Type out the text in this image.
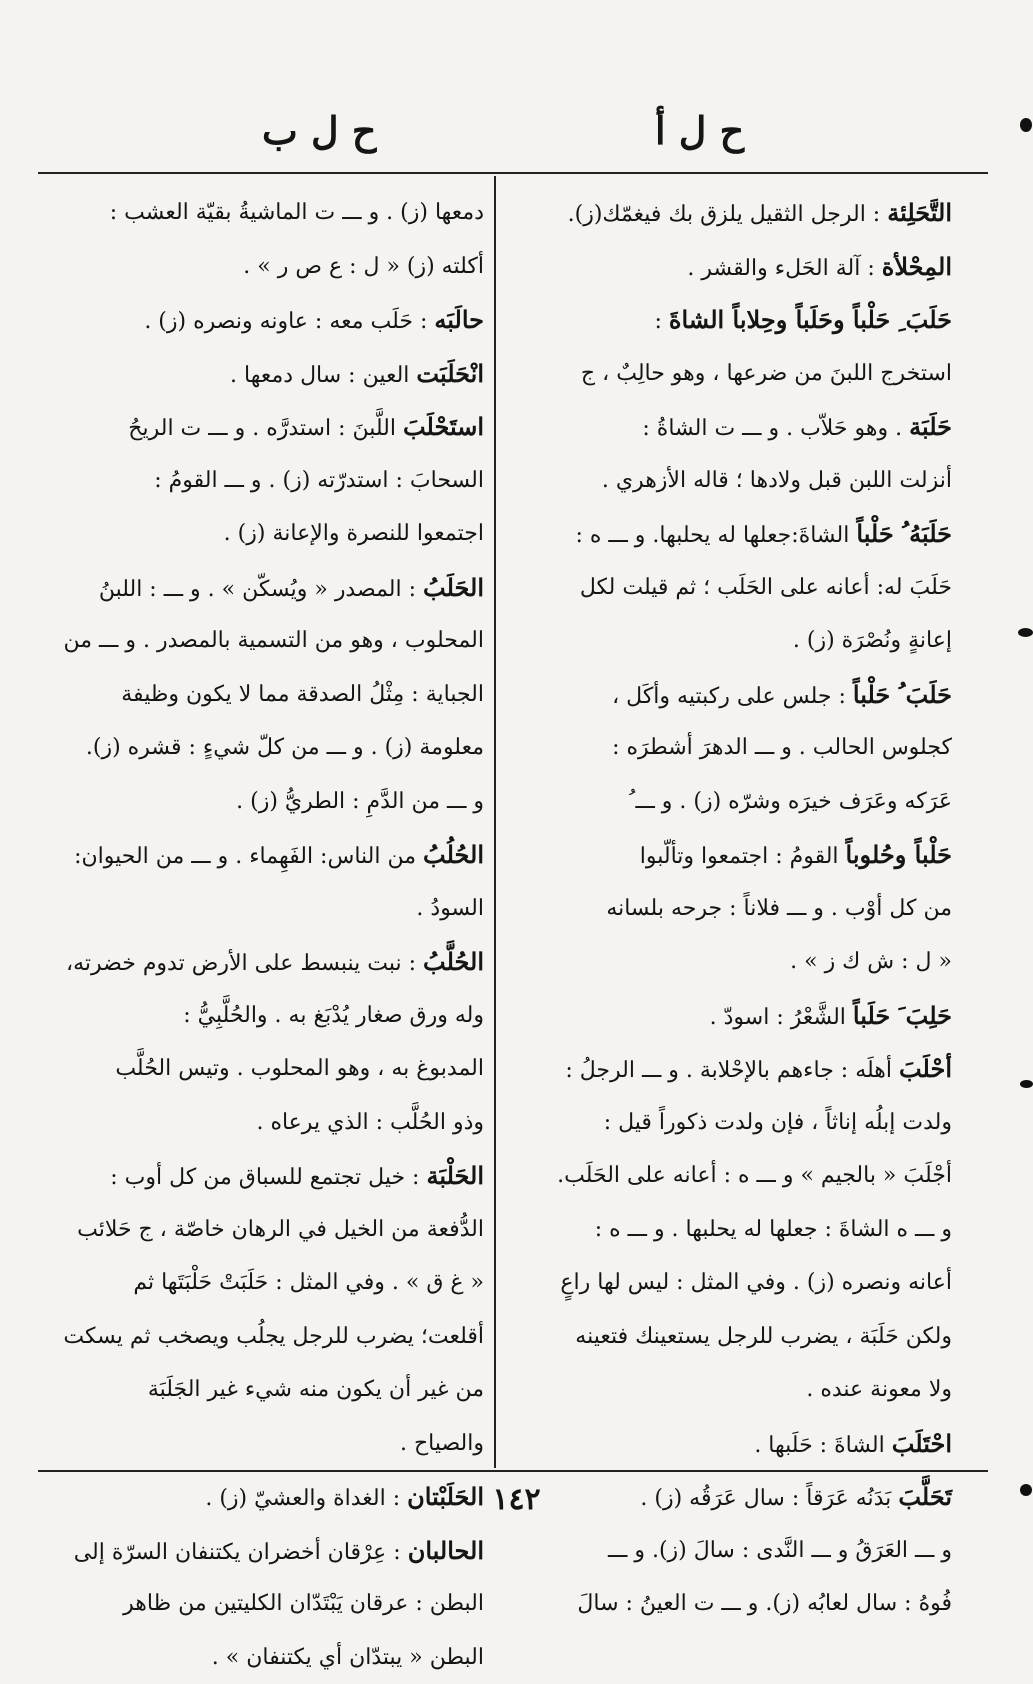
ح ل أ
ح ل ب
التَّحَلِئة : الرجل الثقيل يلزق بك فيغمّك(ز).
المِحْلأة : آلة الحَلء والقشر .
حَلَبَ ِ حَلْباً وحَلَباً وحِلاباً الشاةَ :
استخرج اللبنَ من ضرعها ، وهو حالِبٌ ، ج
حَلَبَة . وهو حَلاّب . و ـــ ت الشاةُ :
أنزلت اللبن قبل ولادها ؛ قاله الأزهري .
حَلَبَهُ ُ حَلْباً الشاةَ:جعلها له يحلبها. و ـــ ه :
حَلَبَ له: أعانه على الحَلَب ؛ ثم قيلت لكل
إعانةٍ ونُصْرَة (ز) .
حَلَبَ ُ حَلْباً : جلس على ركبتيه وأكَل ،
كجلوس الحالب . و ـــ الدهرَ أشطرَه :
عَرَكه وعَرَف خيرَه وشرّه (ز) . و ـــ ُ
حَلْباً وحُلوباً القومُ : اجتمعوا وتألّبوا
من كل أوْب . و ـــ فلاناً : جرحه بلسانه
« ل : ش ك ز » .
حَلِبَ َ حَلَباً الشَّعْرُ : اسودّ .
أحْلَبَ أهلَه : جاءهم بالإحْلابة . و ـــ الرجلُ :
ولدت إبلُه إناثاً ، فإن ولدت ذكوراً قيل :
أجْلَبَ « بالجيم » و ـــ ه : أعانه على الحَلَب.
و ـــ ه الشاةَ : جعلها له يحلبها . و ـــ ه :
أعانه ونصره (ز) . وفي المثل : ليس لها راعٍ
ولكن حَلَبَة ، يضرب للرجل يستعينك فتعينه
ولا معونة عنده .
احْتَلَبَ الشاةَ : حَلَبها .
تَحَلَّبَ بَدَنُه عَرَقاً : سال عَرَقُه (ز) .
و ـــ العَرَقُ و ـــ النَّدى : سالَ (ز). و ـــ
فُوهُ : سال لعابُه (ز). و ـــ ت العينُ : سالَ
دمعها (ز) . و ـــ ت الماشيةُ بقيّة العشب :
أكلته (ز) « ل : ع ص ر » .
حالَبَه : حَلَب معه : عاونه ونصره (ز) .
انْحَلَبَت العين : سال دمعها .
استَحْلَبَ اللَّبنَ : استدرَّه . و ـــ ت الريحُ
السحابَ : استدرّته (ز) . و ـــ القومُ :
اجتمعوا للنصرة والإعانة (ز) .
الحَلَبُ : المصدر « ويُسكّن » . و ـــ : اللبنُ
المحلوب ، وهو من التسمية بالمصدر . و ـــ من
الجباية : مِثْلُ الصدقة مما لا يكون وظيفة
معلومة (ز) . و ـــ من كلّ شيءٍ : قشره (ز).
و ـــ من الدَّمِ : الطريُّ (ز) .
الحُلُبُ من الناس: الفَهِماء . و ـــ من الحيوان:
السودُ .
الحُلَّبُ : نبت ينبسط على الأرض تدوم خضرته،
وله ورق صغار يُدْبَغ به . والحُلَّبِيُّ :
المدبوغ به ، وهو المحلوب . وتيس الحُلَّب
وذو الحُلَّب : الذي يرعاه .
الحَلْبَة : خيل تجتمع للسباق من كل أوب :
الدُّفعة من الخيل في الرهان خاصّة ، ج حَلائب
« غ ق » . وفي المثل : حَلَبَتْ حَلْبَتَها ثم
أقلعت؛ يضرب للرجل يجلُب ويصخب ثم يسكت
من غير أن يكون منه شيء غير الجَلَبَة
والصياح .
الحَلَبْتان : الغداة والعشيّ (ز) .
الحالبان : عِرْقان أخضران يكتنفان السرّة إلى
البطن : عرقان يَبْتَدّان الكليتين من ظاهر
البطن « يبتدّان أي يكتنفان » .
١٤٢
